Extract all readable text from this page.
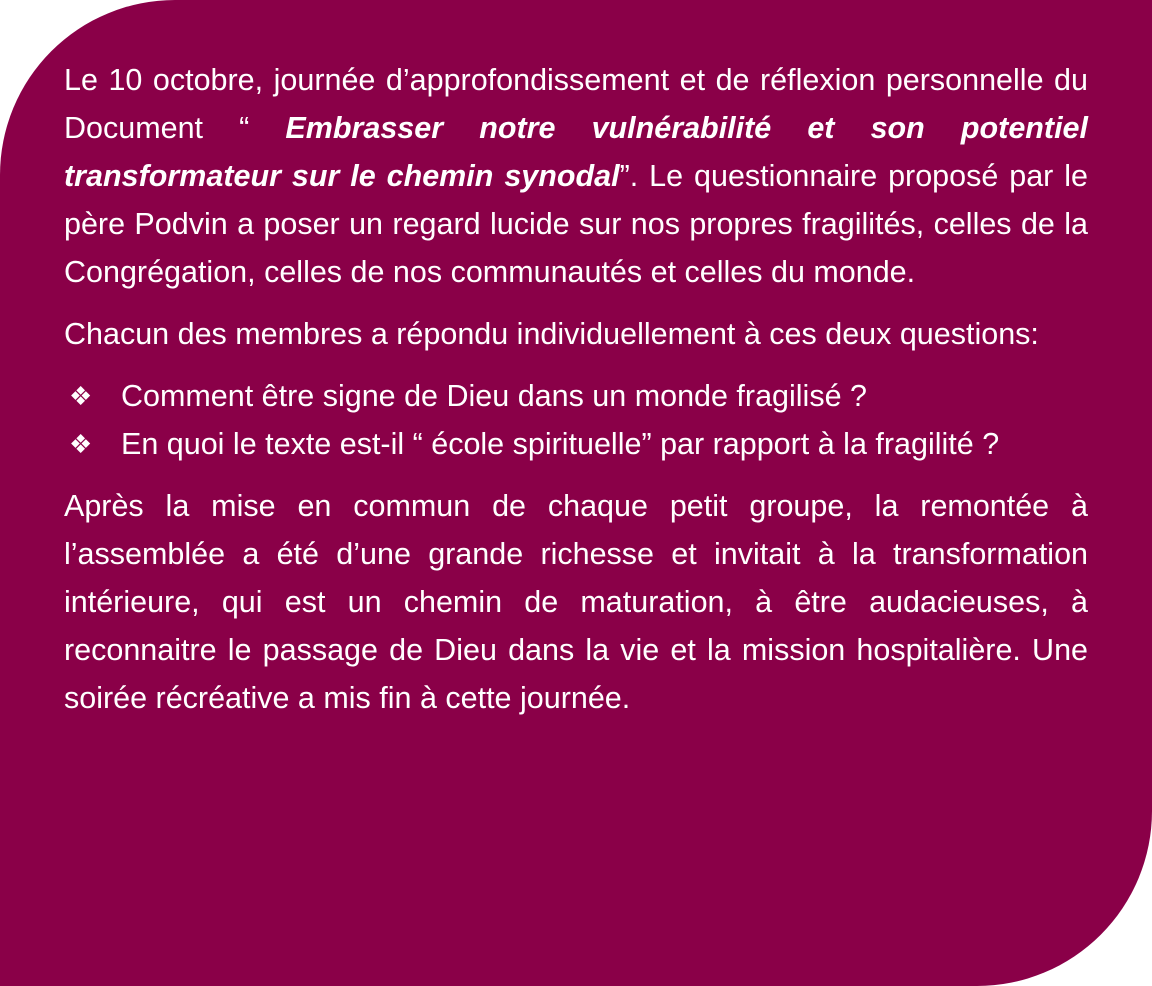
Le 10 octobre, journée d’approfondissement et de réflexion personnelle du Document “ Embrasser notre vulnérabilité et son potentiel transformateur sur le chemin synodal”. Le questionnaire proposé par le père Podvin a poser un regard lucide sur nos propres fragilités, celles de la Congrégation, celles de nos communautés et celles du monde.

Chacun des membres a répondu individuellement à ces deux questions:

❖ Comment être signe de Dieu dans un monde fragilisé ?
❖ En quoi le texte est-il “ école spirituelle” par rapport à la fragilité ?

Après la mise en commun de chaque petit groupe, la remontée à l’assemblée a été d’une grande richesse et invitait à la transformation intérieure, qui est un chemin de maturation, à être audacieuses, à reconnaitre le passage de Dieu dans la vie et la mission hospitalière. Une soirée récréative a mis fin à cette journée.
